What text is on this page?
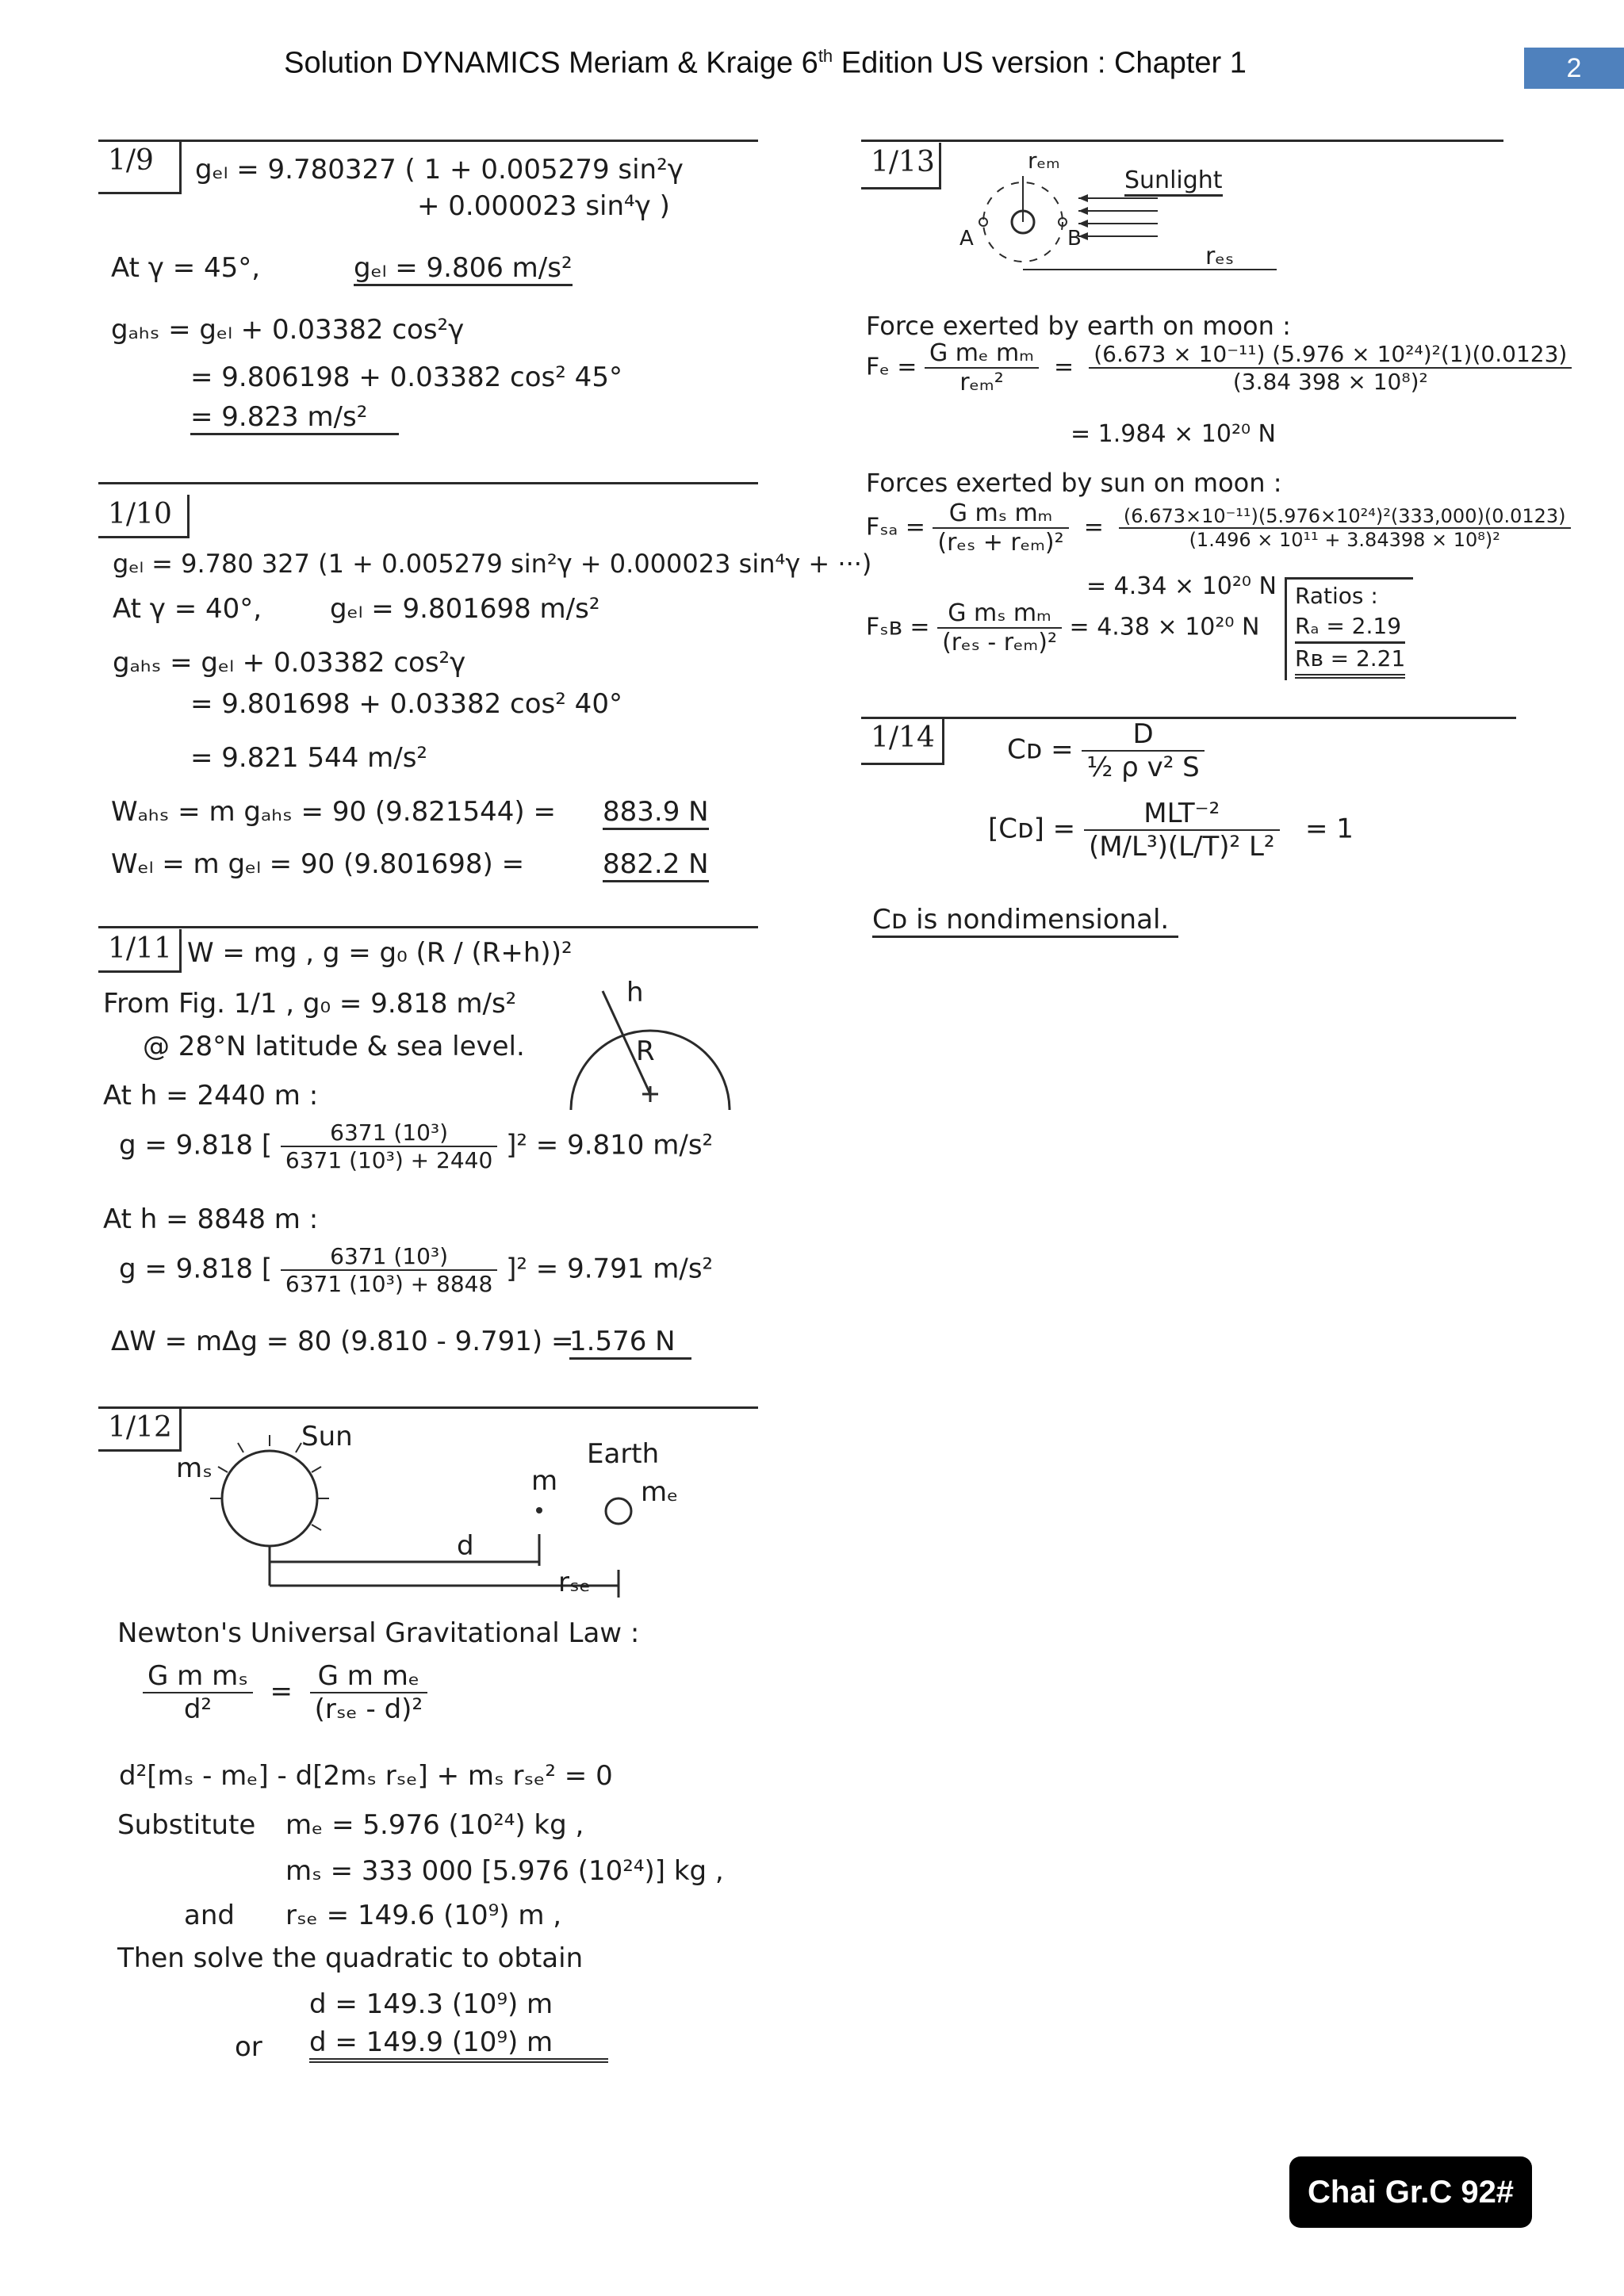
Solution DYNAMICS Meriam & Kraige 6th Edition US version : Chapter 1	2
1/9	gₑₗ = 9.780327 ( 1 + 0.005279 sin²γ
+ 0.000023 sin⁴γ )
At γ = 45°,	gₑₗ = 9.806 m/s²
gₐₕₛ = gₑₗ + 0.03382 cos²γ
= 9.806198 + 0.03382 cos² 45°
= 9.823 m/s²
1/10
gₑₗ = 9.780 327 (1 + 0.005279 sin²γ + 0.000023 sin⁴γ + ···)
At γ = 40°,	gₑₗ = 9.801698 m/s²
gₐₕₛ = gₑₗ + 0.03382 cos²γ
= 9.801698 + 0.03382 cos² 40°
= 9.821 544 m/s²
Wₐₕₛ = m gₐₕₛ = 90 (9.821544) = 883.9 N
Wₑₗ = m gₑₗ = 90 (9.801698) =	882.2 N
1/11 W = mg , g = g₀ (R / (R+h))²
From Fig. 1/1 , g₀ = 9.818 m/s²
@ 28°N latitude & sea level.
At h = 2440 m :
g = 9.818 [ $\frac{\text{6371 (10³)}}{\text{6371 (10³) + 2440}} ]^2 = 9.810$ m/s²
At h = 8848 m :
g = 9.818 [ $\frac{\text{6371 (10³)}}{\text{6371 (10³) + 8848}} ]^2 = 9.791$ m/s²
ΔW = mΔg = 80 (9.810 - 9.791) =
1.576 N
h
R
1/12	Sun
mₛ	m
Earth
mₑ
d
rₛₑ
Newton's Universal Gravitational Law :
$\frac{\text{G m mₛ}}{\text{d²}} = \frac{\text{G m mₑ}}{\text{(rₛₑ - d)²}}$
d²[mₛ - mₑ] - d[2mₛ rₛₑ] + mₛ rₛₑ² = 0
Substitute mₑ = 5.976 (10²⁴) kg ,
mₛ = 333 000 [5.976 (10²⁴)] kg ,
and rₛₑ = 149.6 (10⁹) m ,
Then solve the quadratic to obtain
d = 149.3 (10⁹) m
or d = 149.9 (10⁹) m
1/13	rₑₘ
Sunlight
A	B
rₑₛ
Force exerted by earth on moon :
$F_e = \frac{\text{G mₑ mₘ}}{\text{rₑₘ²}} = \frac{\text{(6.673 × 10⁻¹¹) (5.976 × 10²⁴)²(1)(0.0123)}}{\text{(3.84 398 × 10⁸)²}}$
= 1.984 × 10²⁰ N
Forces exerted by sun on moon :
$F_{sa} = \frac{\text{G mₛ mₘ}}{\text{(rₑₛ + rₑₘ)²}} = \frac{\text{(6.673×10⁻¹¹)(5.976×10²⁴)²(333,000)(0.0123)}}{\text{(1.496 × 10¹¹ + 3.84398 × 10⁸)²}}$
= 4.34 × 10²⁰ N
Fₛʙ = $\frac{\text{G mₛ mₘ}}{\text{(rₑₛ - rₑₘ)²}} = 4.38 \times 10^{20}$ N
Ratios :
Rₐ = 2.19
Rʙ = 2.21
1/14	Cᴅ = $\frac{D}{\text{½ ρ v² S}}$
[Cᴅ] = $\frac{\text{MLT⁻²}}{\text{(M/L³)(L/T)² L²}} = 1$
Cᴅ is nondimensional.
Chai Gr.C 92#
